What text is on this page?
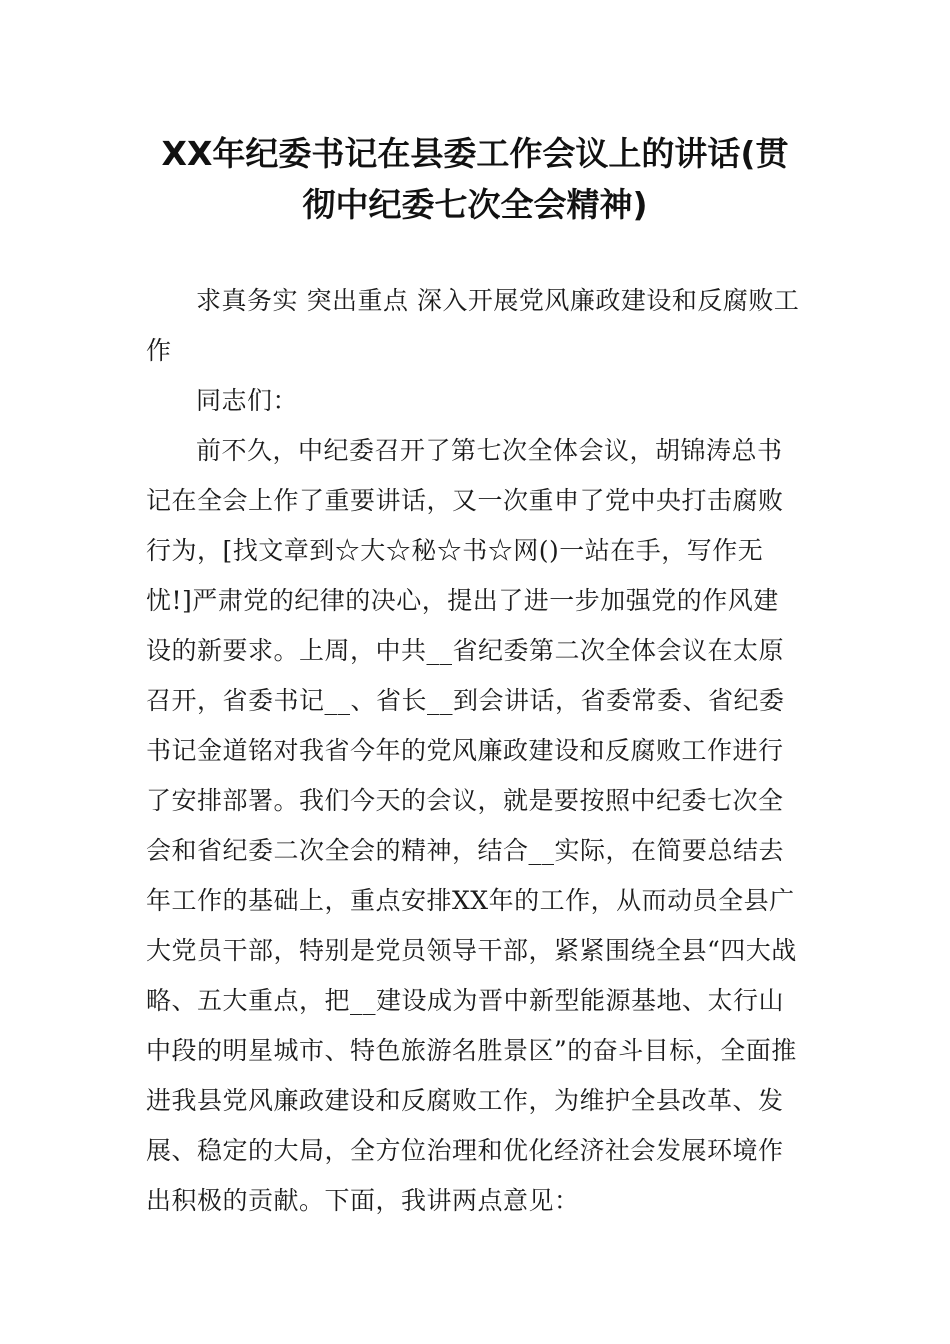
XX年纪委书记在县委工作会议上的讲话(贯
彻中纪委七次全会精神)

求真务实 突出重点 深入开展党风廉政建设和反腐败工作

同志们：

前不久，中纪委召开了第七次全体会议，胡锦涛总书记在全会上作了重要讲话，又一次重申了党中央打击腐败行为，[找文章到☆大☆秘☆书☆网()一站在手，写作无忧!]严肃党的纪律的决心，提出了进一步加强党的作风建设的新要求。上周，中共__省纪委第二次全体会议在太原召开，省委书记__、省长__到会讲话，省委常委、省纪委书记金道铭对我省今年的党风廉政建设和反腐败工作进行了安排部署。我们今天的会议，就是要按照中纪委七次全会和省纪委二次全会的精神，结合__实际，在简要总结去年工作的基础上，重点安排XX年的工作，从而动员全县广大党员干部，特别是党员领导干部，紧紧围绕全县“四大战略、五大重点，把__建设成为晋中新型能源基地、太行山中段的明星城市、特色旅游名胜景区”的奋斗目标，全面推进我县党风廉政建设和反腐败工作，为维护全县改革、发展、稳定的大局，全方位治理和优化经济社会发展环境作出积极的贡献。下面，我讲两点意见：
